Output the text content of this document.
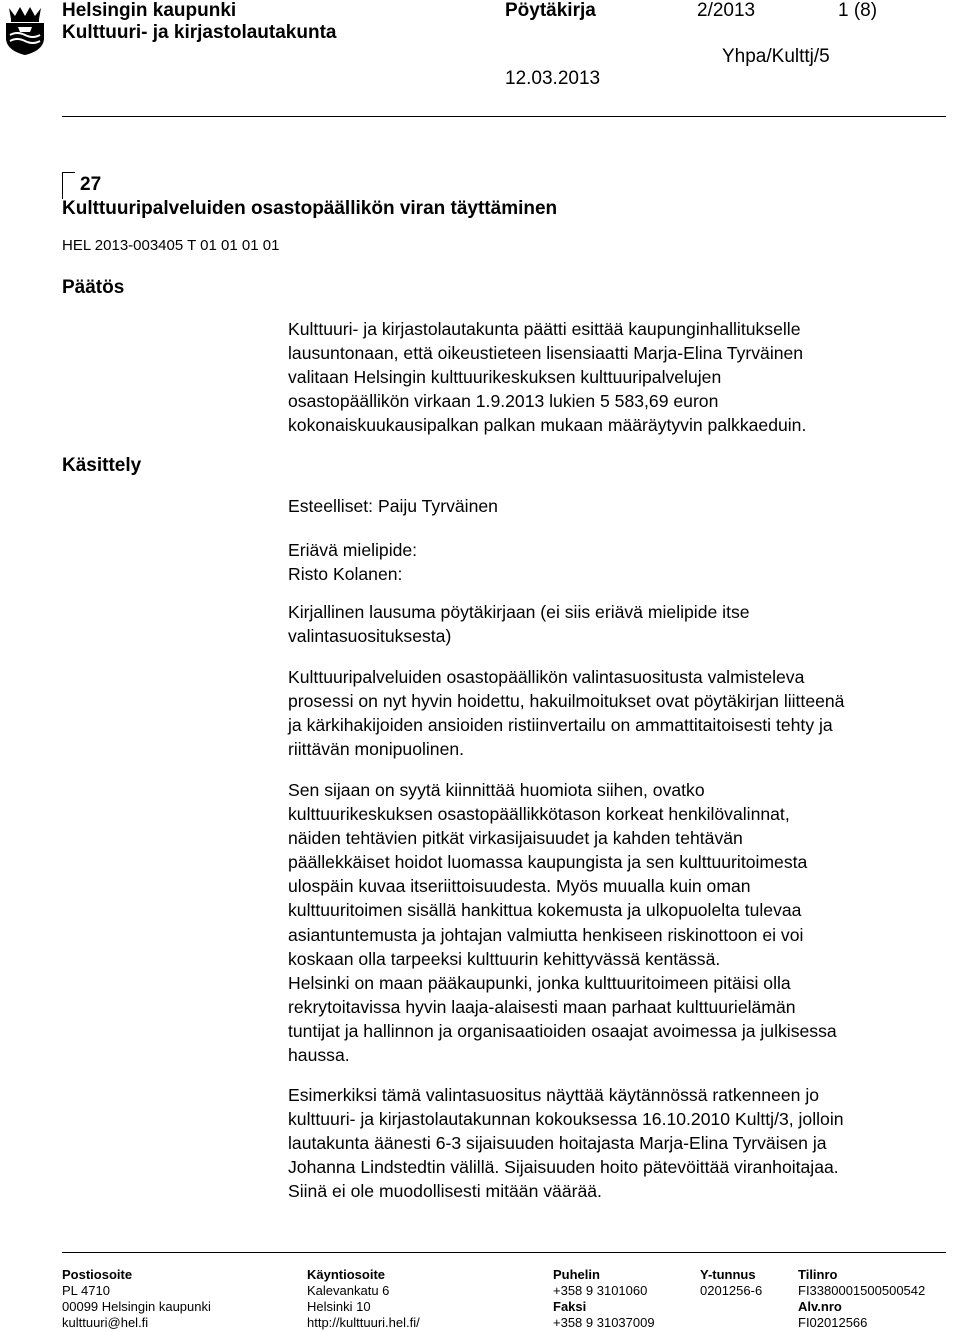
Helsingin kaupunki
Kulttuuri- ja kirjastolautakunta
Pöytäkirja	2/2013	1 (8)
Yhpa/Kulttj/5
12.03.2013
27
Kulttuuripalveluiden osastopäällikön viran täyttäminen
HEL 2013-003405 T 01 01 01 01
Päätös
Käsittely

Kulttuuri- ja kirjastolautakunta päätti esittää kaupunginhallitukselle

lausuntonaan, että oikeustieteen lisensiaatti Marja-Elina Tyrväinen

valitaan Helsingin kulttuurikeskuksen kulttuuripalvelujen

osastopäällikön virkaan 1.9.2013 lukien 5 583,69 euron

kokonaiskuukausipalkan palkan mukaan määräytyvin palkkaeduin.

Esteelliset: Paiju Tyrväinen
Eriävä mielipide:
Risto Kolanen:

Kirjallinen lausuma pöytäkirjaan (ei siis eriävä mielipide itse

valintasuosituksesta)

Kulttuuripalveluiden osastopäällikön valintasuositusta valmisteleva

prosessi on nyt hyvin hoidettu, hakuilmoitukset ovat pöytäkirjan liitteenä

ja kärkihakijoiden ansioiden ristiinvertailu on ammattitaitoisesti tehty ja

riittävän monipuolinen.

Sen sijaan on syytä kiinnittää huomiota siihen, ovatko

kulttuurikeskuksen osastopäällikkötason korkeat henkilövalinnat,

näiden tehtävien pitkät virkasijaisuudet ja kahden tehtävän

päällekkäiset hoidot luomassa kaupungista ja sen kulttuuritoimesta

ulospäin kuvaa itseriittoisuudesta. Myös muualla kuin oman

kulttuuritoimen sisällä hankittua kokemusta ja ulkopuolelta tulevaa

asiantuntemusta ja johtajan valmiutta henkiseen riskinottoon ei voi

koskaan olla tarpeeksi kulttuurin kehittyvässä kentässä.

Helsinki on maan pääkaupunki, jonka kulttuuritoimeen pitäisi olla

rekrytoitavissa hyvin laaja-alaisesti maan parhaat kulttuurielämän

tuntijat ja hallinnon ja organisaatioiden osaajat avoimessa ja julkisessa

haussa.

Esimerkiksi tämä valintasuositus näyttää käytännössä ratkenneen jo

kulttuuri- ja kirjastolautakunnan kokouksessa 16.10.2010 Kulttj/3, jolloin

lautakunta äänesti 6-3 sijaisuuden hoitajasta Marja-Elina Tyrväisen ja

Johanna Lindstedtin välillä. Sijaisuuden hoito pätevöittää viranhoitajaa.

Siinä ei ole muodollisesti mitään väärää.

Postiosoite
PL 4710
00099 Helsingin kaupunki
kulttuuri@hel.fi
Käyntiosoite
Kalevankatu 6
Helsinki 10
http://kulttuuri.hel.fi/
Puhelin
+358 9 3101060
Faksi
+358 9 31037009
Y-tunnus
0201256-6
Tilinro
FI3380001500500542
Alv.nro
FI02012566
